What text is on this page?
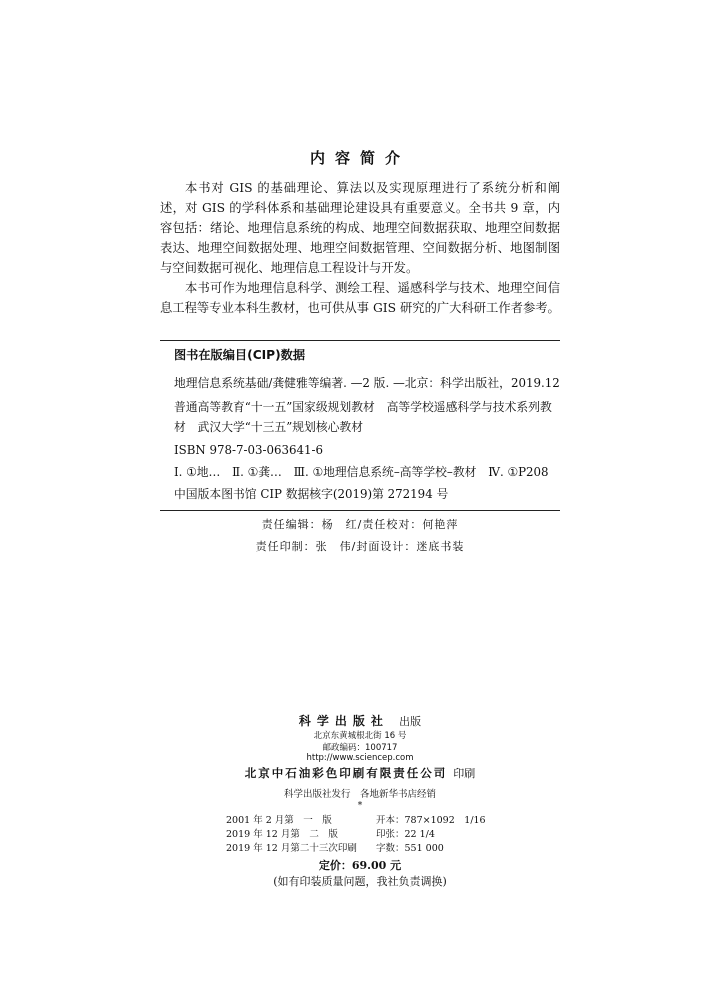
内容简介

本书对 GIS 的基础理论、算法以及实现原理进行了系统分析和阐述，对 GIS 的学科体系和基础理论建设具有重要意义。全书共 9 章，内容包括：绪论、地理信息系统的构成、地理空间数据获取、地理空间数据表达、地理空间数据处理、地理空间数据管理、空间数据分析、地图制图与空间数据可视化、地理信息工程设计与开发。

本书可作为地理信息科学、测绘工程、遥感科学与技术、地理空间信息工程等专业本科生教材，也可供从事 GIS 研究的广大科研工作者参考。

图书在版编目(CIP)数据
地理信息系统基础/龚健雅等编著. —2 版. —北京：科学出版社，2019.12
普通高等教育“十一五”国家级规划教材　高等学校遥感科学与技术系列教材　武汉大学“十三五”规划核心教材
ISBN 978-7-03-063641-6
Ⅰ. ①地…　Ⅱ. ①龚…　Ⅲ. ①地理信息系统–高等学校–教材　Ⅳ. ①P208
中国版本图书馆 CIP 数据核字(2019)第 272194 号
责任编辑：杨　红/责任校对：何艳萍
责任印制：张　伟/封面设计：迷底书装
科学出版社 出版
北京东黄城根北街 16 号
邮政编码：100717
http://www.sciencep.com
北京中石油彩色印刷有限责任公司 印刷
科学出版社发行　各地新华书店经销
*
2001 年 2 月第　一　版	开本：787×1092　1/16
2019 年 12 月第　二　版	印张：22 1/4
2019 年 12 月第二十三次印刷 字数：551 000
定价：69.00 元
(如有印装质量问题，我社负责调换)
